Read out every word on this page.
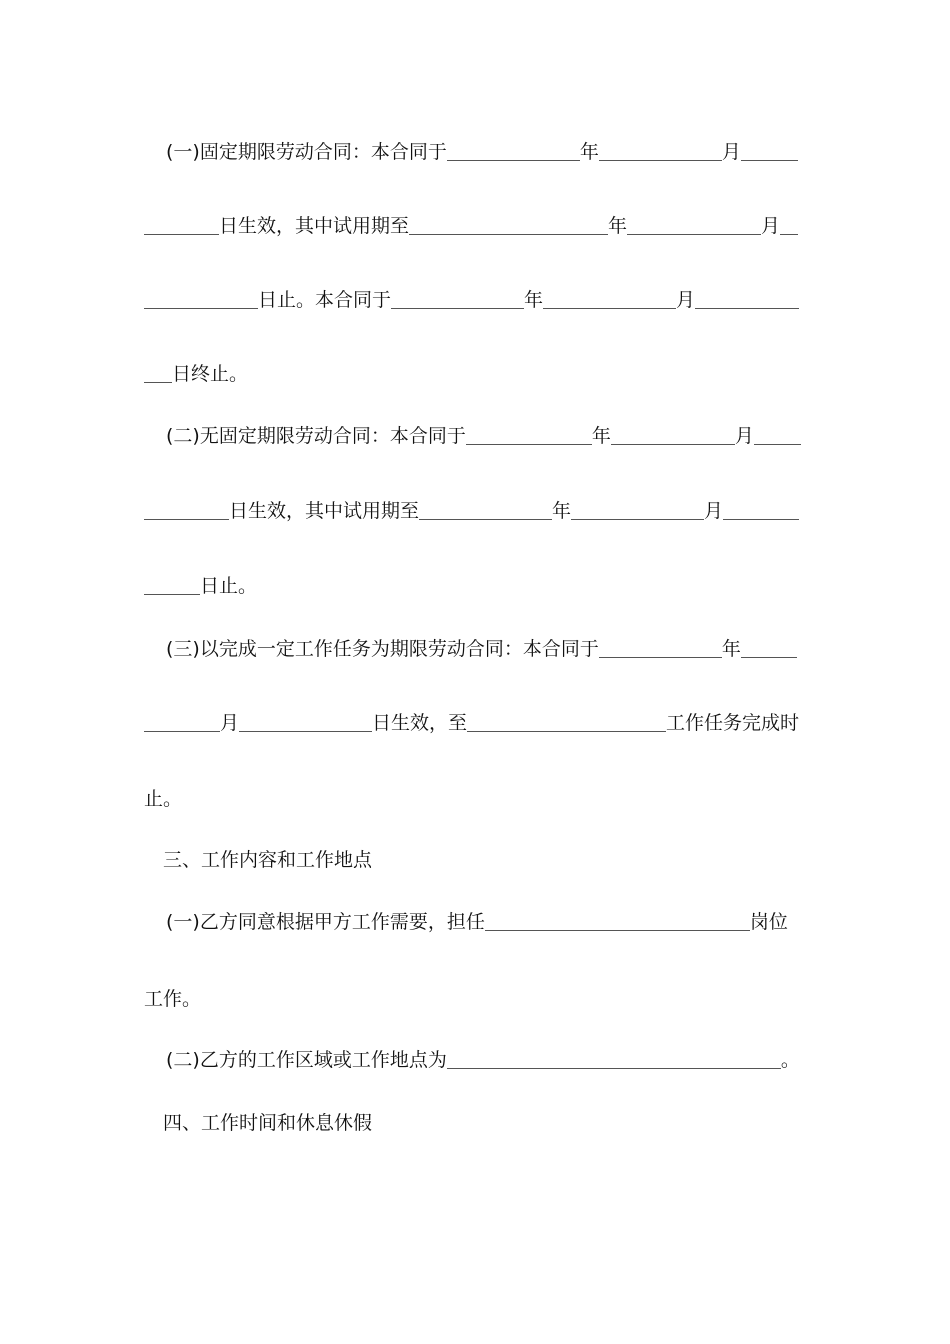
(一)固定期限劳动合同：本合同于	年	月
日生效，其中试用期至	年	月
日止。本合同于	年	月
日终止。
(二)无固定期限劳动合同：本合同于	年	月
日生效，其中试用期至	年	月
日止。
(三)以完成一定工作任务为期限劳动合同：本合同于	年
月	日生效，至	工作任务完成时
止。
三、工作内容和工作地点
(一)乙方同意根据甲方工作需要，担任	岗位
工作。
(二)乙方的工作区域或工作地点为	。
四、工作时间和休息休假
